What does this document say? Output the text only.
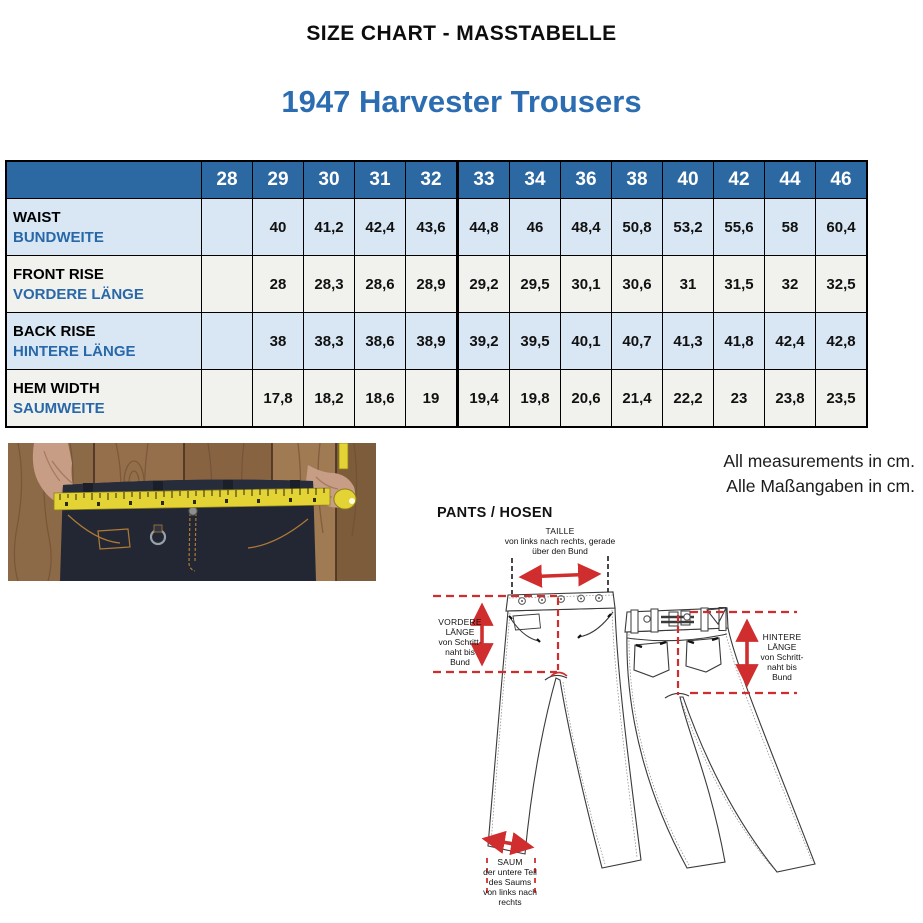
SIZE CHART - MASSTABELLE
1947 Harvester Trousers
	28	29	30	31	32	33	34	36	38	40	42	44	46

WAIST
BUNDWEITE		40	41,2	42,4	43,6	44,8	46	48,4	50,8	53,2	55,6	58	60,4

FRONT RISE
VORDERE LÄNGE		28	28,3	28,6	28,9	29,2	29,5	30,1	30,6	31	31,5	32	32,5

BACK RISE
HINTERE LÄNGE		38	38,3	38,6	38,9	39,2	39,5	40,1	40,7	41,3	41,8	42,4	42,8

HEM WIDTH
SAUMWEITE		17,8	18,2	18,6	19	19,4	19,8	20,6	21,4	22,2	23	23,8	23,5
All measurements in cm.
Alle Maßangaben in cm.
PANTS / HOSEN
TAILLE
von links nach rechts, gerade
über den Bund
VORDERE
LÄNGE
von Schritt-
naht bis
Bund
HINTERE
LÄNGE
von Schritt-
naht bis
Bund
SAUM
der untere Teil
des Saums
von links nach
rechts
